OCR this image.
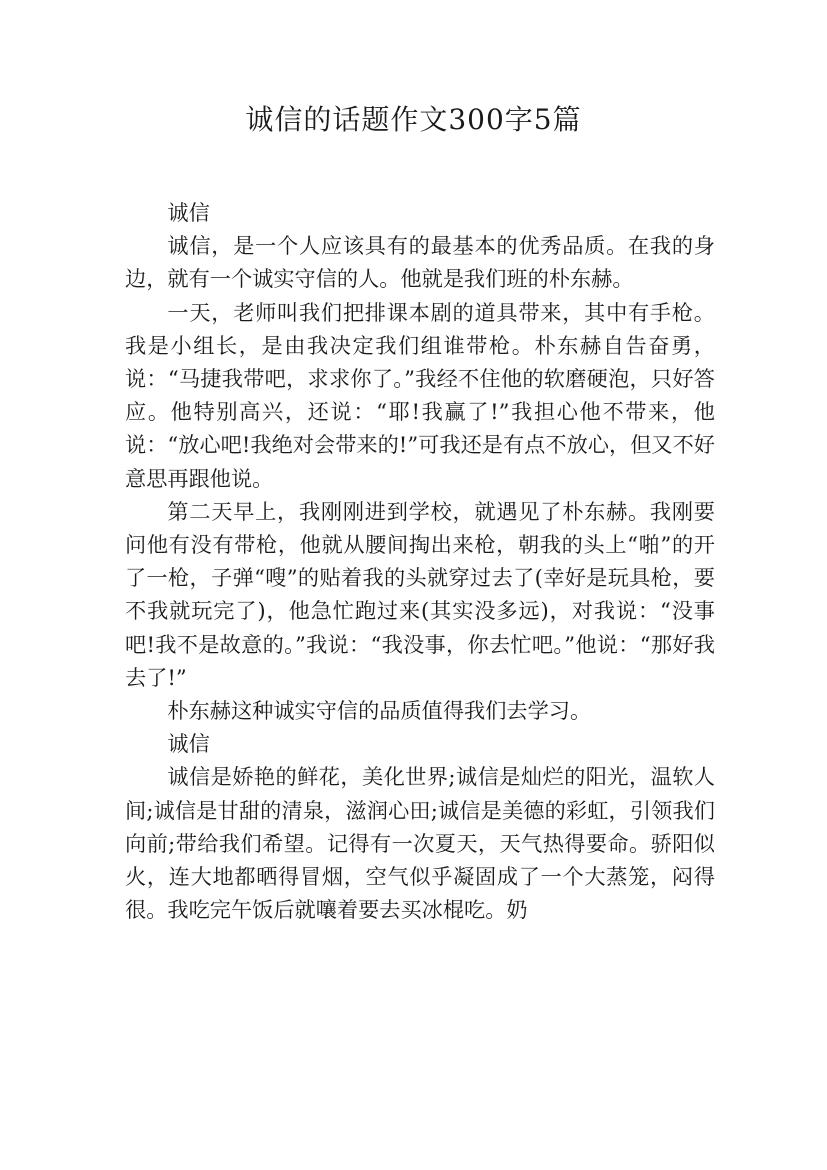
诚信的话题作文300字5篇

诚信

诚信，是一个人应该具有的最基本的优秀品质。在我的身边，就有一个诚实守信的人。他就是我们班的朴东赫。

一天，老师叫我们把排课本剧的道具带来，其中有手枪。我是小组长，是由我决定我们组谁带枪。朴东赫自告奋勇，说：“马捷我带吧，求求你了。”我经不住他的软磨硬泡，只好答应。他特别高兴，还说：“耶!我赢了!”我担心他不带来，他说：“放心吧!我绝对会带来的!”可我还是有点不放心，但又不好意思再跟他说。

第二天早上，我刚刚进到学校，就遇见了朴东赫。我刚要问他有没有带枪，他就从腰间掏出来枪，朝我的头上“啪”的开了一枪，子弹“嗖”的贴着我的头就穿过去了(幸好是玩具枪，要不我就玩完了)，他急忙跑过来(其实没多远)，对我说：“没事吧!我不是故意的。”我说：“我没事，你去忙吧。”他说：“那好我去了!”

朴东赫这种诚实守信的品质值得我们去学习。

诚信

诚信是娇艳的鲜花，美化世界;诚信是灿烂的阳光，温软人间;诚信是甘甜的清泉，滋润心田;诚信是美德的彩虹，引领我们向前;带给我们希望。记得有一次夏天，天气热得要命。骄阳似火，连大地都晒得冒烟，空气似乎凝固成了一个大蒸笼，闷得很。我吃完午饭后就嚷着要去买冰棍吃。奶
